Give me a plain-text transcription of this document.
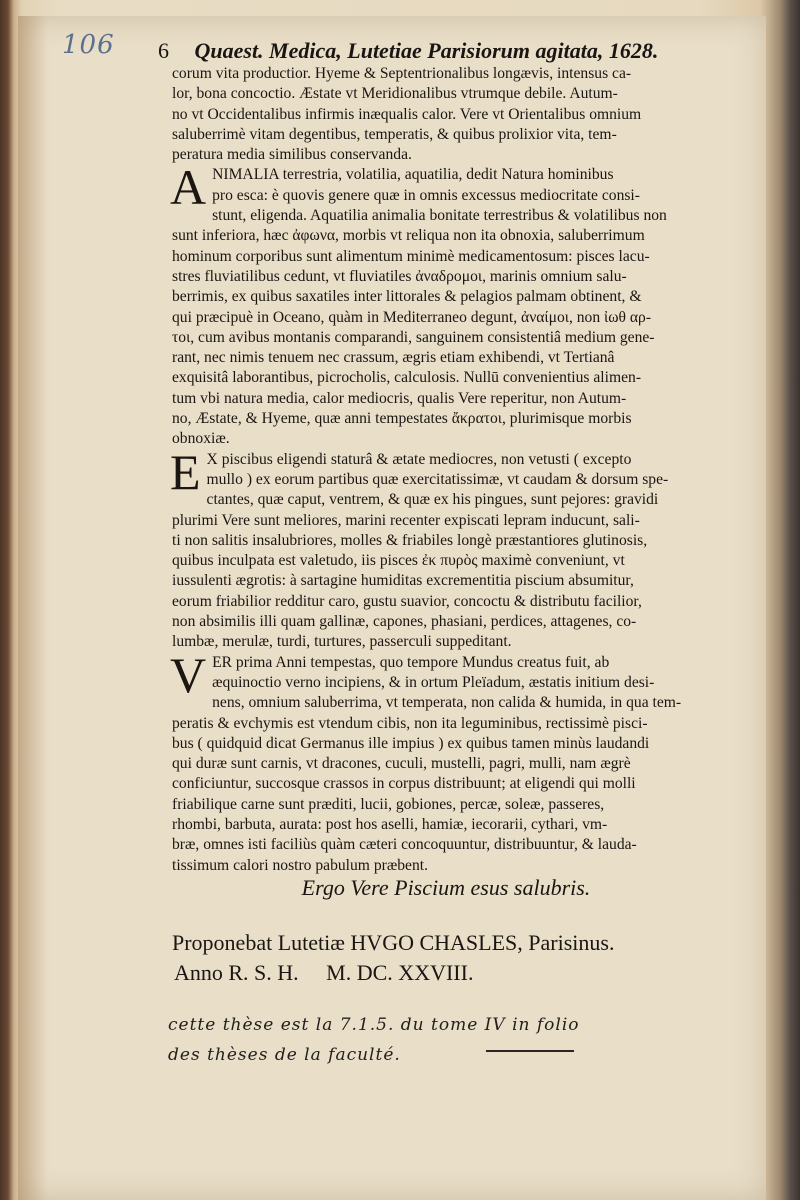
106 6 Quaest. Medica, Lutetiae Parisiorum agitata, 1628.
corum vita productior. Hyeme & Septentrionalibus longævis, intensus ca-
lor, bona concoctio. Æstate vt Meridionalibus vtrumque debile. Autum-
no vt Occidentalibus infirmis inæqualis calor. Vere vt Orientalibus omnium
saluberrimè vitam degentibus, temperatis, & quibus prolixior vita, tem-
peratura media similibus conservanda.
A NIMALIA terrestria, volatilia, aquatilia, dedit Natura hominibus
pro esca: è quovis genere quæ in omnis excessus mediocritate consi-
stunt, eligenda. Aquatilia animalia bonitate terrestribus & volatilibus non
sunt inferiora, hæc ἀφωνα, morbis vt reliqua non ita obnoxia, saluberrimum
hominum corporibus sunt alimentum minimè medicamentosum: pisces lacu-
stres fluviatilibus cedunt, vt fluviatiles ἀναδρομοι, marinis omnium salu-
berrimis, ex quibus saxatiles inter littorales & pelagios palmam obtinent, &
qui præcipuè in Oceano, quàm in Mediterraneo degunt, ἀναίμοι, non ἰωθ αρ-
τοι, cum avibus montanis comparandi, sanguinem consistentiâ medium gene-
rant, nec nimis tenuem nec crassum, ægris etiam exhibendi, vt Tertianâ
exquisitâ laborantibus, picrocholis, calculosis. Nullū convenientius alimen-
tum vbi natura media, calor mediocris, qualis Vere reperitur, non Autum-
no, Æstate, & Hyeme, quæ anni tempestates ἄκρατοι, plurimisque morbis
obnoxiæ.
E X piscibus eligendi staturâ & ætate mediocres, non vetusti ( excepto
mullo ) ex eorum partibus quæ exercitatissimæ, vt caudam & dorsum spe-
ctantes, quæ caput, ventrem, & quæ ex his pingues, sunt pejores: gravidi
plurimi Vere sunt meliores, marini recenter expiscati lepram inducunt, sali-
ti non salitis insalubriores, molles & friabiles longè præstantiores glutinosis,
quibus inculpata est valetudo, iis pisces ἐκ πυρὸς maximè conveniunt, vt
iussulenti ægrotis: à sartagine humiditas excrementitia piscium absumitur,
eorum friabilior redditur caro, gustu suavior, concoctu & distributu facilior,
non absimilis illi quam gallinæ, capones, phasiani, perdices, attagenes, co-
lumbæ, merulæ, turdi, turtures, passerculi suppeditant.
V ER prima Anni tempestas, quo tempore Mundus creatus fuit, ab
æquinoctio verno incipiens, & in ortum Pleïadum, æstatis initium desi-
nens, omnium saluberrima, vt temperata, non calida & humida, in qua tem-
peratis & evchymis est vtendum cibis, non ita leguminibus, rectissimè pisci-
bus ( quidquid dicat Germanus ille impius ) ex quibus tamen minùs laudandi
qui duræ sunt carnis, vt dracones, cuculi, mustelli, pagri, mulli, nam ægrè
conficiuntur, succosque crassos in corpus distribuunt; at eligendi qui molli
friabilique carne sunt præditi, lucii, gobiones, percæ, soleæ, passeres,
rhombi, barbuta, aurata: post hos aselli, hamiæ, iecorarii, cythari, vm-
bræ, omnes isti faciliùs quàm cæteri concoquuntur, distribuuntur, & lauda-
tissimum calori nostro pabulum præbent.
Ergo Vere Piscium esus salubris.
Proponebat Lutetiæ HVGO CHASLES, Parisinus.
Anno R. S. H.     M. DC. XXVIII.
cette thèse est la 7.1.5. du tome IV in folio
des thèses de la faculté.
